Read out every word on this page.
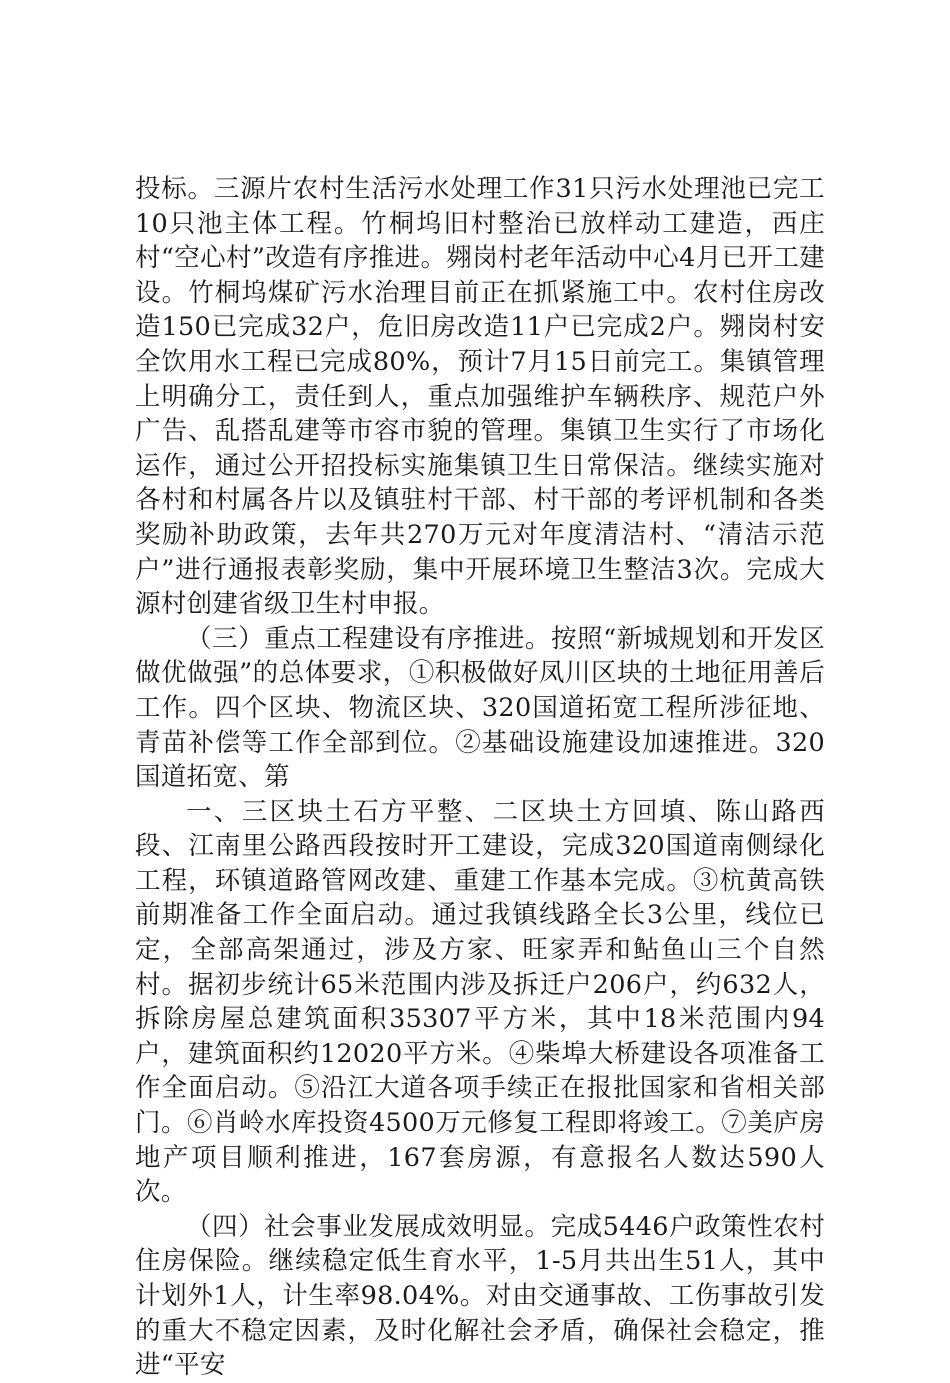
投标。三源片农村生活污水处理工作31只污水处理池已完工10只池主体工程。竹桐坞旧村整治已放样动工建造，西庄村“空心村”改造有序推进。翙岗村老年活动中心4月已开工建设。竹桐坞煤矿污水治理目前正在抓紧施工中。农村住房改造150已完成32户，危旧房改造11户已完成2户。翙岗村安全饮用水工程已完成80%，预计7月15日前完工。集镇管理上明确分工，责任到人，重点加强维护车辆秩序、规范户外广告、乱搭乱建等市容市貌的管理。集镇卫生实行了市场化运作，通过公开招投标实施集镇卫生日常保洁。继续实施对各村和村属各片以及镇驻村干部、村干部的考评机制和各类奖励补助政策，去年共270万元对年度清洁村、“清洁示范户”进行通报表彰奖励，集中开展环境卫生整洁3次。完成大源村创建省级卫生村申报。

（三）重点工程建设有序推进。按照“新城规划和开发区做优做强”的总体要求，①积极做好凤川区块的土地征用善后工作。四个区块、物流区块、320国道拓宽工程所涉征地、青苗补偿等工作全部到位。②基础设施建设加速推进。320国道拓宽、第

一、三区块土石方平整、二区块土方回填、陈山路西段、江南里公路西段按时开工建设，完成320国道南侧绿化工程，环镇道路管网改建、重建工作基本完成。③杭黄高铁前期准备工作全面启动。通过我镇线路全长3公里，线位已定，全部高架通过，涉及方家、旺家弄和鲇鱼山三个自然村。据初步统计65米范围内涉及拆迁户206户，约632人，拆除房屋总建筑面积35307平方米，其中18米范围内94户，建筑面积约12020平方米。④柴埠大桥建设各项准备工作全面启动。⑤沿江大道各项手续正在报批国家和省相关部门。⑥肖岭水库投资4500万元修复工程即将竣工。⑦美庐房地产项目顺利推进，167套房源，有意报名人数达590人次。

（四）社会事业发展成效明显。完成5446户政策性农村住房保险。继续稳定低生育水平，1-5月共出生51人，其中计划外1人，计生率98.04%。对由交通事故、工伤事故引发的重大不稳定因素，及时化解社会矛盾，确保社会稳定，推进“平安
